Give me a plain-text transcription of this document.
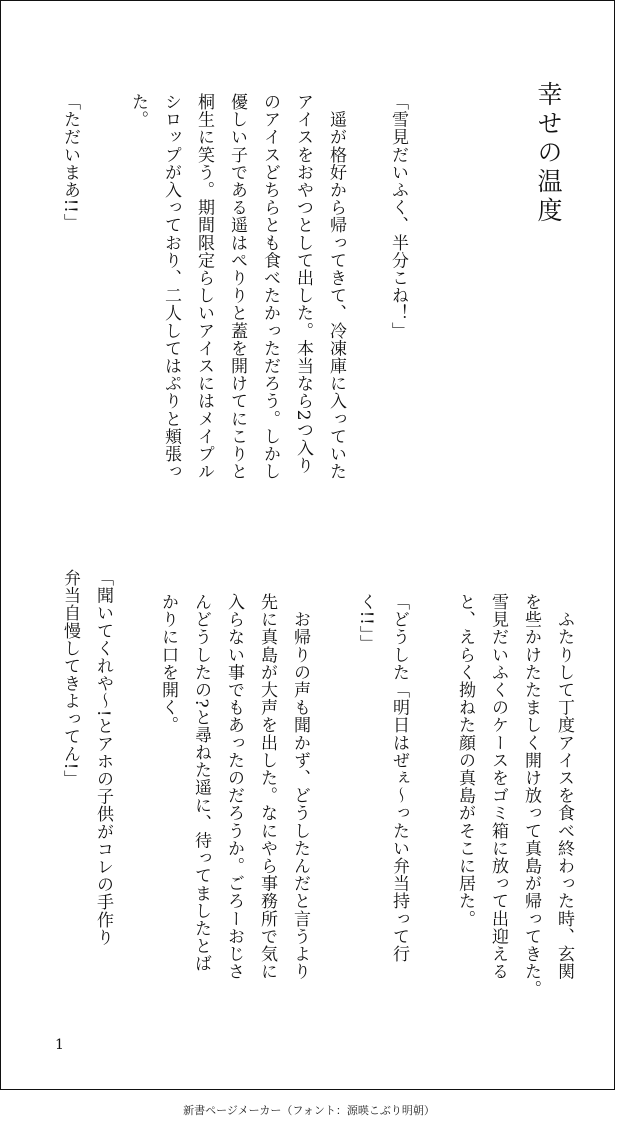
幸せの温度
「雪見だいふく、半分こね！」
　遥が格好から帰ってきて、冷凍庫に入っていた
アイスをおやつとして出した。本当なら2つ入り
のアイスどちらとも食べたかっただろう。しかし
優しい子である遥はぺりりと蓋を開けてにこりと
桐生に笑う。期間限定らしいアイスにはメイプル
シロップが入っており、二人してはぷりと頬張っ
た。
「ただいまあ!!」
　ふたりして丁度アイスを食べ終わった時、玄関
を些かけたたましく開け放って真島が帰ってきた。
雪見だいふくのケースをゴミ箱に放って出迎える
と、えらく拗ねた顔の真島がそこに居た。

「どうした「明日はぜぇ〜ったい弁当持って行
く!!」」
　お帰りの声も聞かず、どうしたんだと言うより
先に真島が大声を出した。なにやら事務所で気に
入らない事でもあったのだろうか。ごろーおじさ
んどうしたの?と尋ねた遥に、待ってましたとば
かりに口を開く。
「聞いてくれや〜!とアホの子供がコレの手作り
弁当自慢してきよってん!」
1
新書ページメーカー（フォント：源暎こぶり明朝）
